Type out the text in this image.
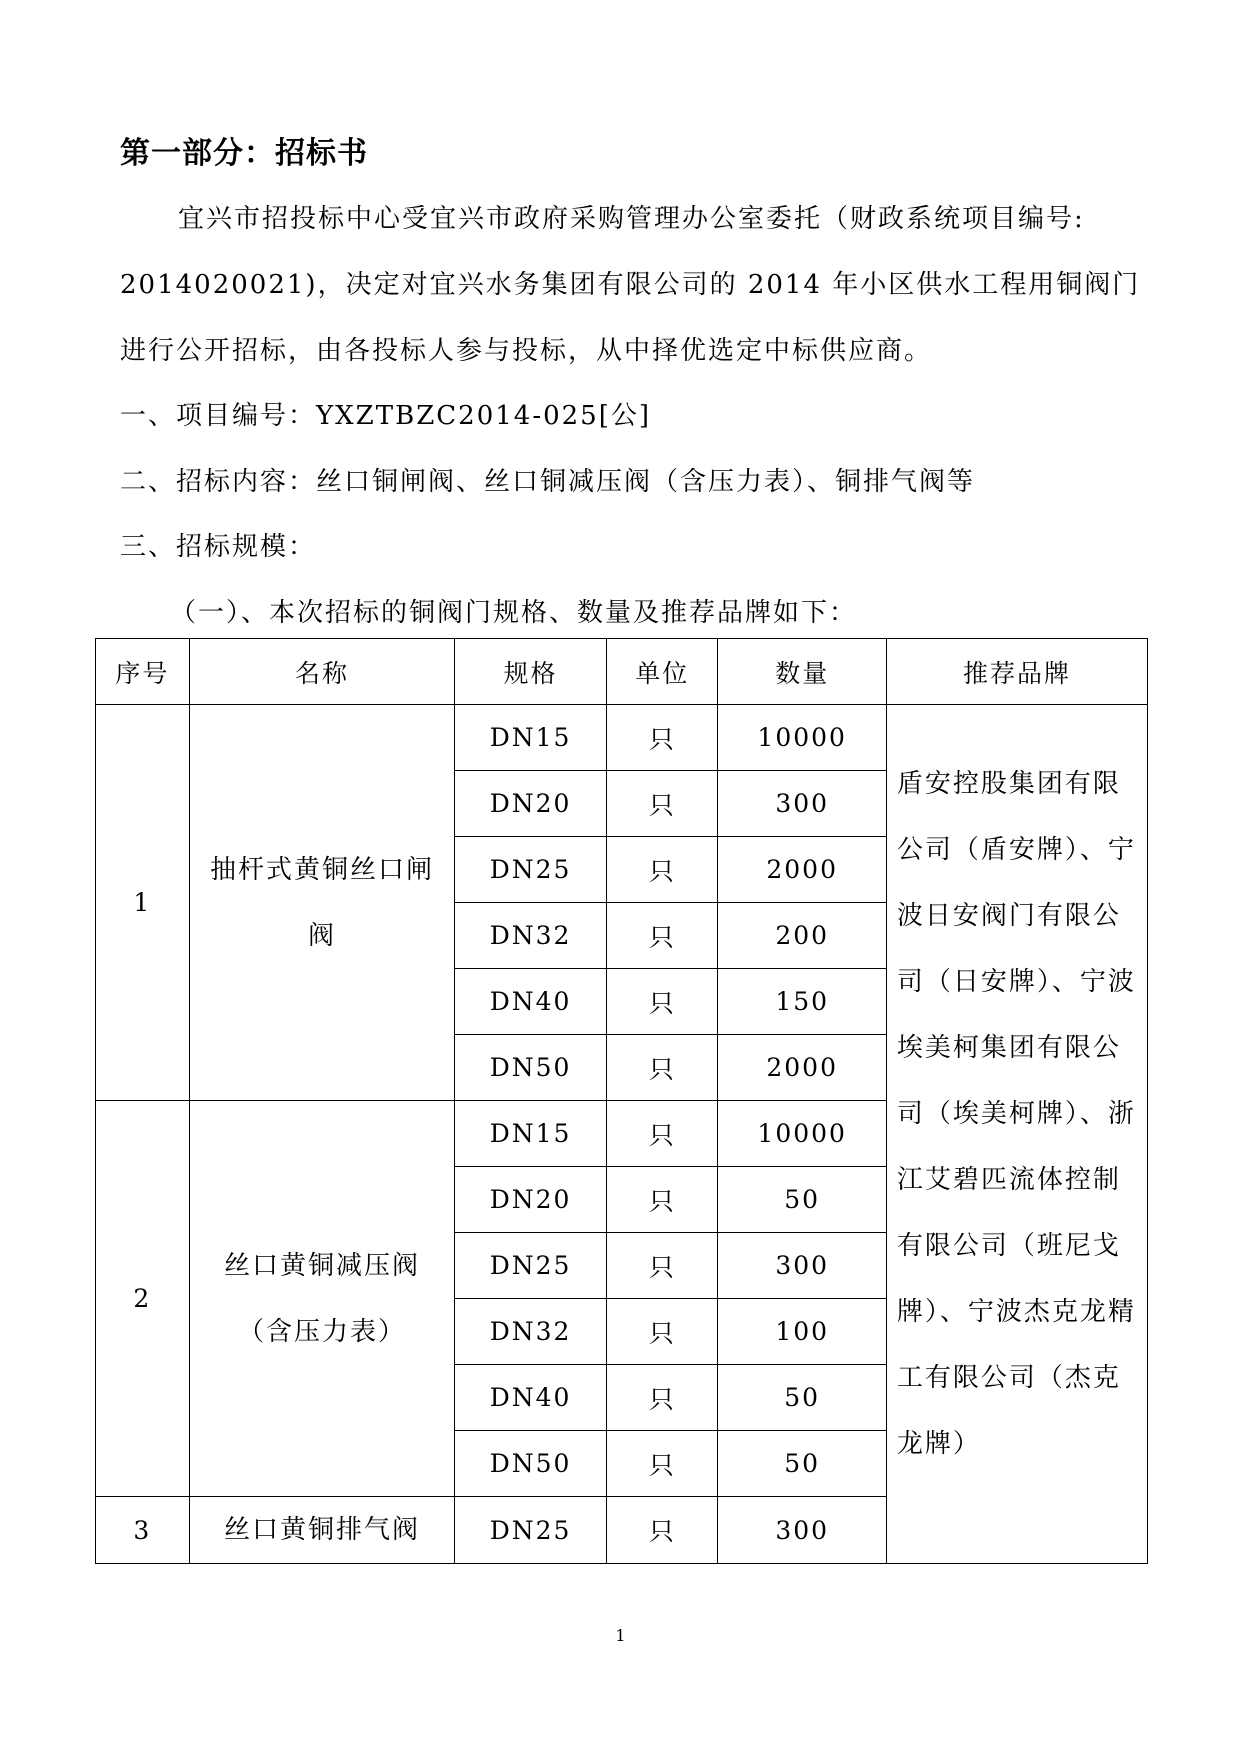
第一部分：招标书
宜兴市招投标中心受宜兴市政府采购管理办公室委托（财政系统项目编号:
2014020021)，决定对宜兴水务集团有限公司的 2014 年小区供水工程用铜阀门
进行公开招标，由各投标人参与投标，从中择优选定中标供应商。
一、项目编号：YXZTBZC2014-025[公]
二、招标内容：丝口铜闸阀、丝口铜减压阀（含压力表）、铜排气阀等
三、招标规模：
（一）、本次招标的铜阀门规格、数量及推荐品牌如下：
序号	名称	规格	单位	数量	推荐品牌
1	抽杆式黄铜丝口闸阀	DN15	只	10000	盾安控股集团有限公司（盾安牌）、宁波日安阀门有限公司（日安牌）、宁波埃美柯集团有限公司（埃美柯牌）、浙江艾碧匹流体控制有限公司（班尼戈牌）、宁波杰克龙精工有限公司（杰克龙牌）
		DN20	只	300	
		DN25	只	2000	
		DN32	只	200	
		DN40	只	150	
		DN50	只	2000	
2	丝口黄铜减压阀（含压力表）	DN15	只	10000	
		DN20	只	50	
		DN25	只	300	
		DN32	只	100	
		DN40	只	50	
		DN50	只	50	
3	丝口黄铜排气阀	DN25	只	300	
1
